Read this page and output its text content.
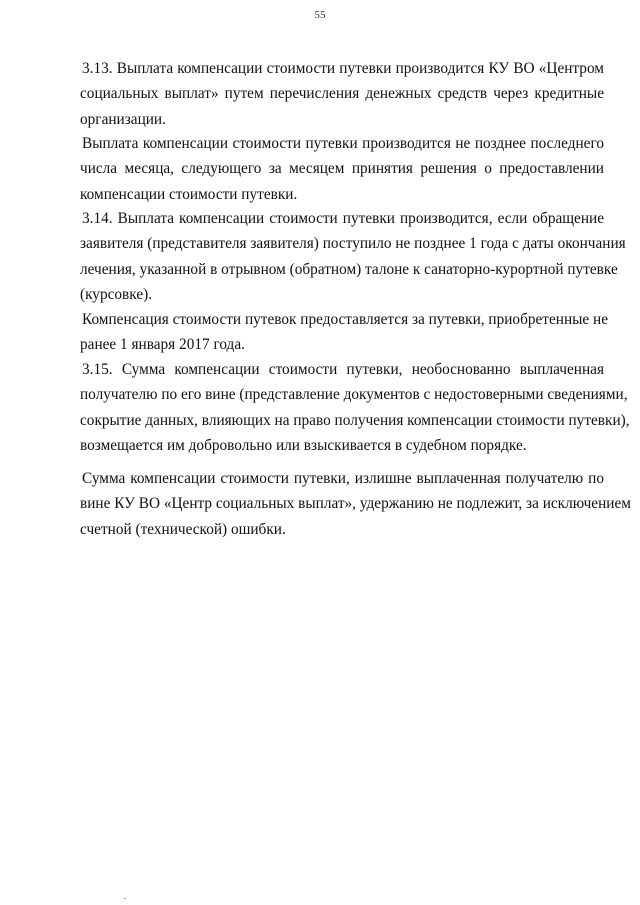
55
3.13. Выплата компенсации стоимости путевки производится КУ ВО «Центром
социальных выплат» путем перечисления денежных средств через кредитные
организации.
Выплата компенсации стоимости путевки производится не позднее последнего
числа месяца, следующего за месяцем принятия решения о предоставлении
компенсации стоимости путевки.
3.14. Выплата компенсации стоимости путевки производится, если обращение
заявителя (представителя заявителя) поступило не позднее 1 года с даты окончания
лечения, указанной в отрывном (обратном) талоне к санаторно-курортной путевке
(курсовке).
Компенсация стоимости путевок предоставляется за путевки, приобретенные не
ранее 1 января 2017 года.
3.15. Сумма компенсации стоимости путевки, необоснованно выплаченная
получателю по его вине (представление документов с недостоверными сведениями,
сокрытие данных, влияющих на право получения компенсации стоимости путевки),
возмещается им добровольно или взыскивается в судебном порядке.
Сумма компенсации стоимости путевки, излишне выплаченная получателю по
вине КУ ВО «Центр социальных выплат», удержанию не подлежит, за исключением
счетной (технической) ошибки.
